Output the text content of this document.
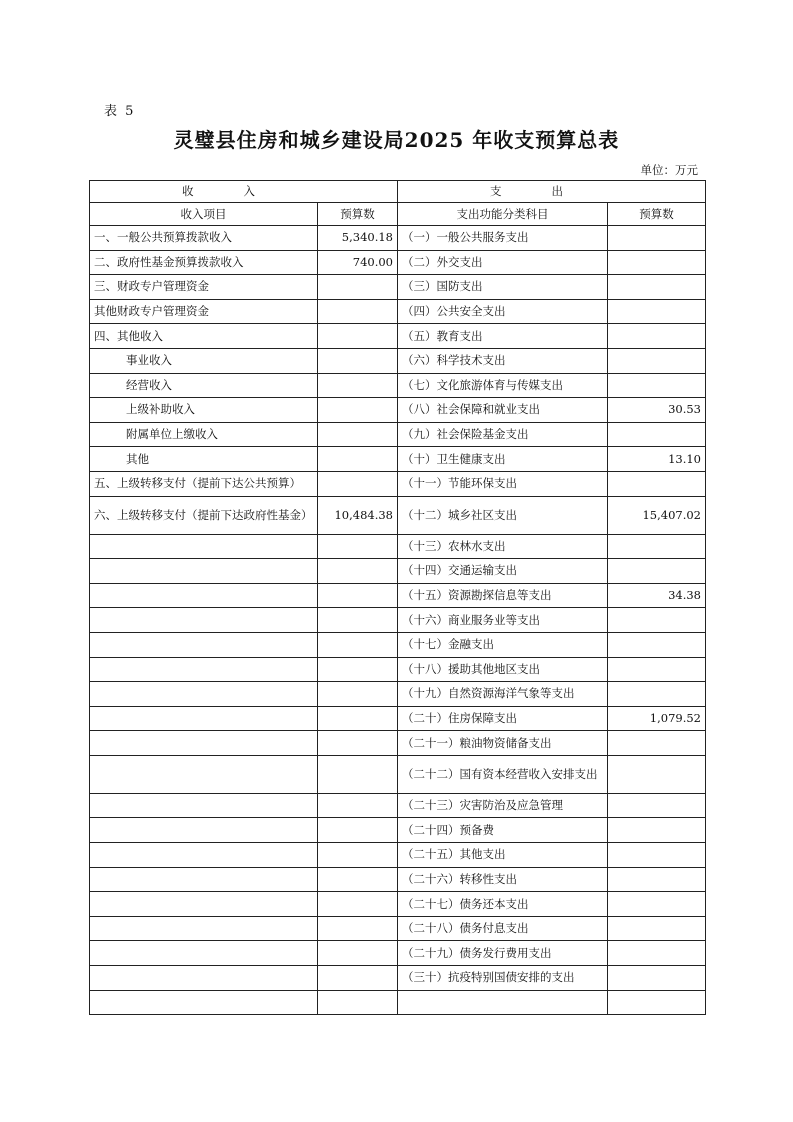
表 5
灵璧县住房和城乡建设局2025 年收支预算总表
单位：万元
收入		支出	
收入项目	预算数	支出功能分类科目	预算数
一、一般公共预算拨款收入	5,340.18	（一）一般公共服务支出	
二、政府性基金预算拨款收入	740.00	（二）外交支出	
三、财政专户管理资金		（三）国防支出	
其他财政专户管理资金		（四）公共安全支出	
四、其他收入		（五）教育支出	
事业收入		（六）科学技术支出	
经营收入		（七）文化旅游体育与传媒支出	
上级补助收入		（八）社会保障和就业支出	30.53
附属单位上缴收入		（九）社会保险基金支出	
其他		（十）卫生健康支出	13.10
五、上级转移支付（提前下达公共预算）		（十一）节能环保支出	
六、上级转移支付（提前下达政府性基金）	10,484.38	（十二）城乡社区支出	15,407.02
		（十三）农林水支出	
		（十四）交通运输支出	
		（十五）资源勘探信息等支出	34.38
		（十六）商业服务业等支出	
		（十七）金融支出	
		（十八）援助其他地区支出	
		（十九）自然资源海洋气象等支出	
		（二十）住房保障支出	1,079.52
		（二十一）粮油物资储备支出	
		（二十二）国有资本经营收入安排支出	
		（二十三）灾害防治及应急管理	
		（二十四）预备费	
		（二十五）其他支出	
		（二十六）转移性支出	
		（二十七）债务还本支出	
		（二十八）债务付息支出	
		（二十九）债务发行费用支出	
		（三十）抗疫特别国债安排的支出	
